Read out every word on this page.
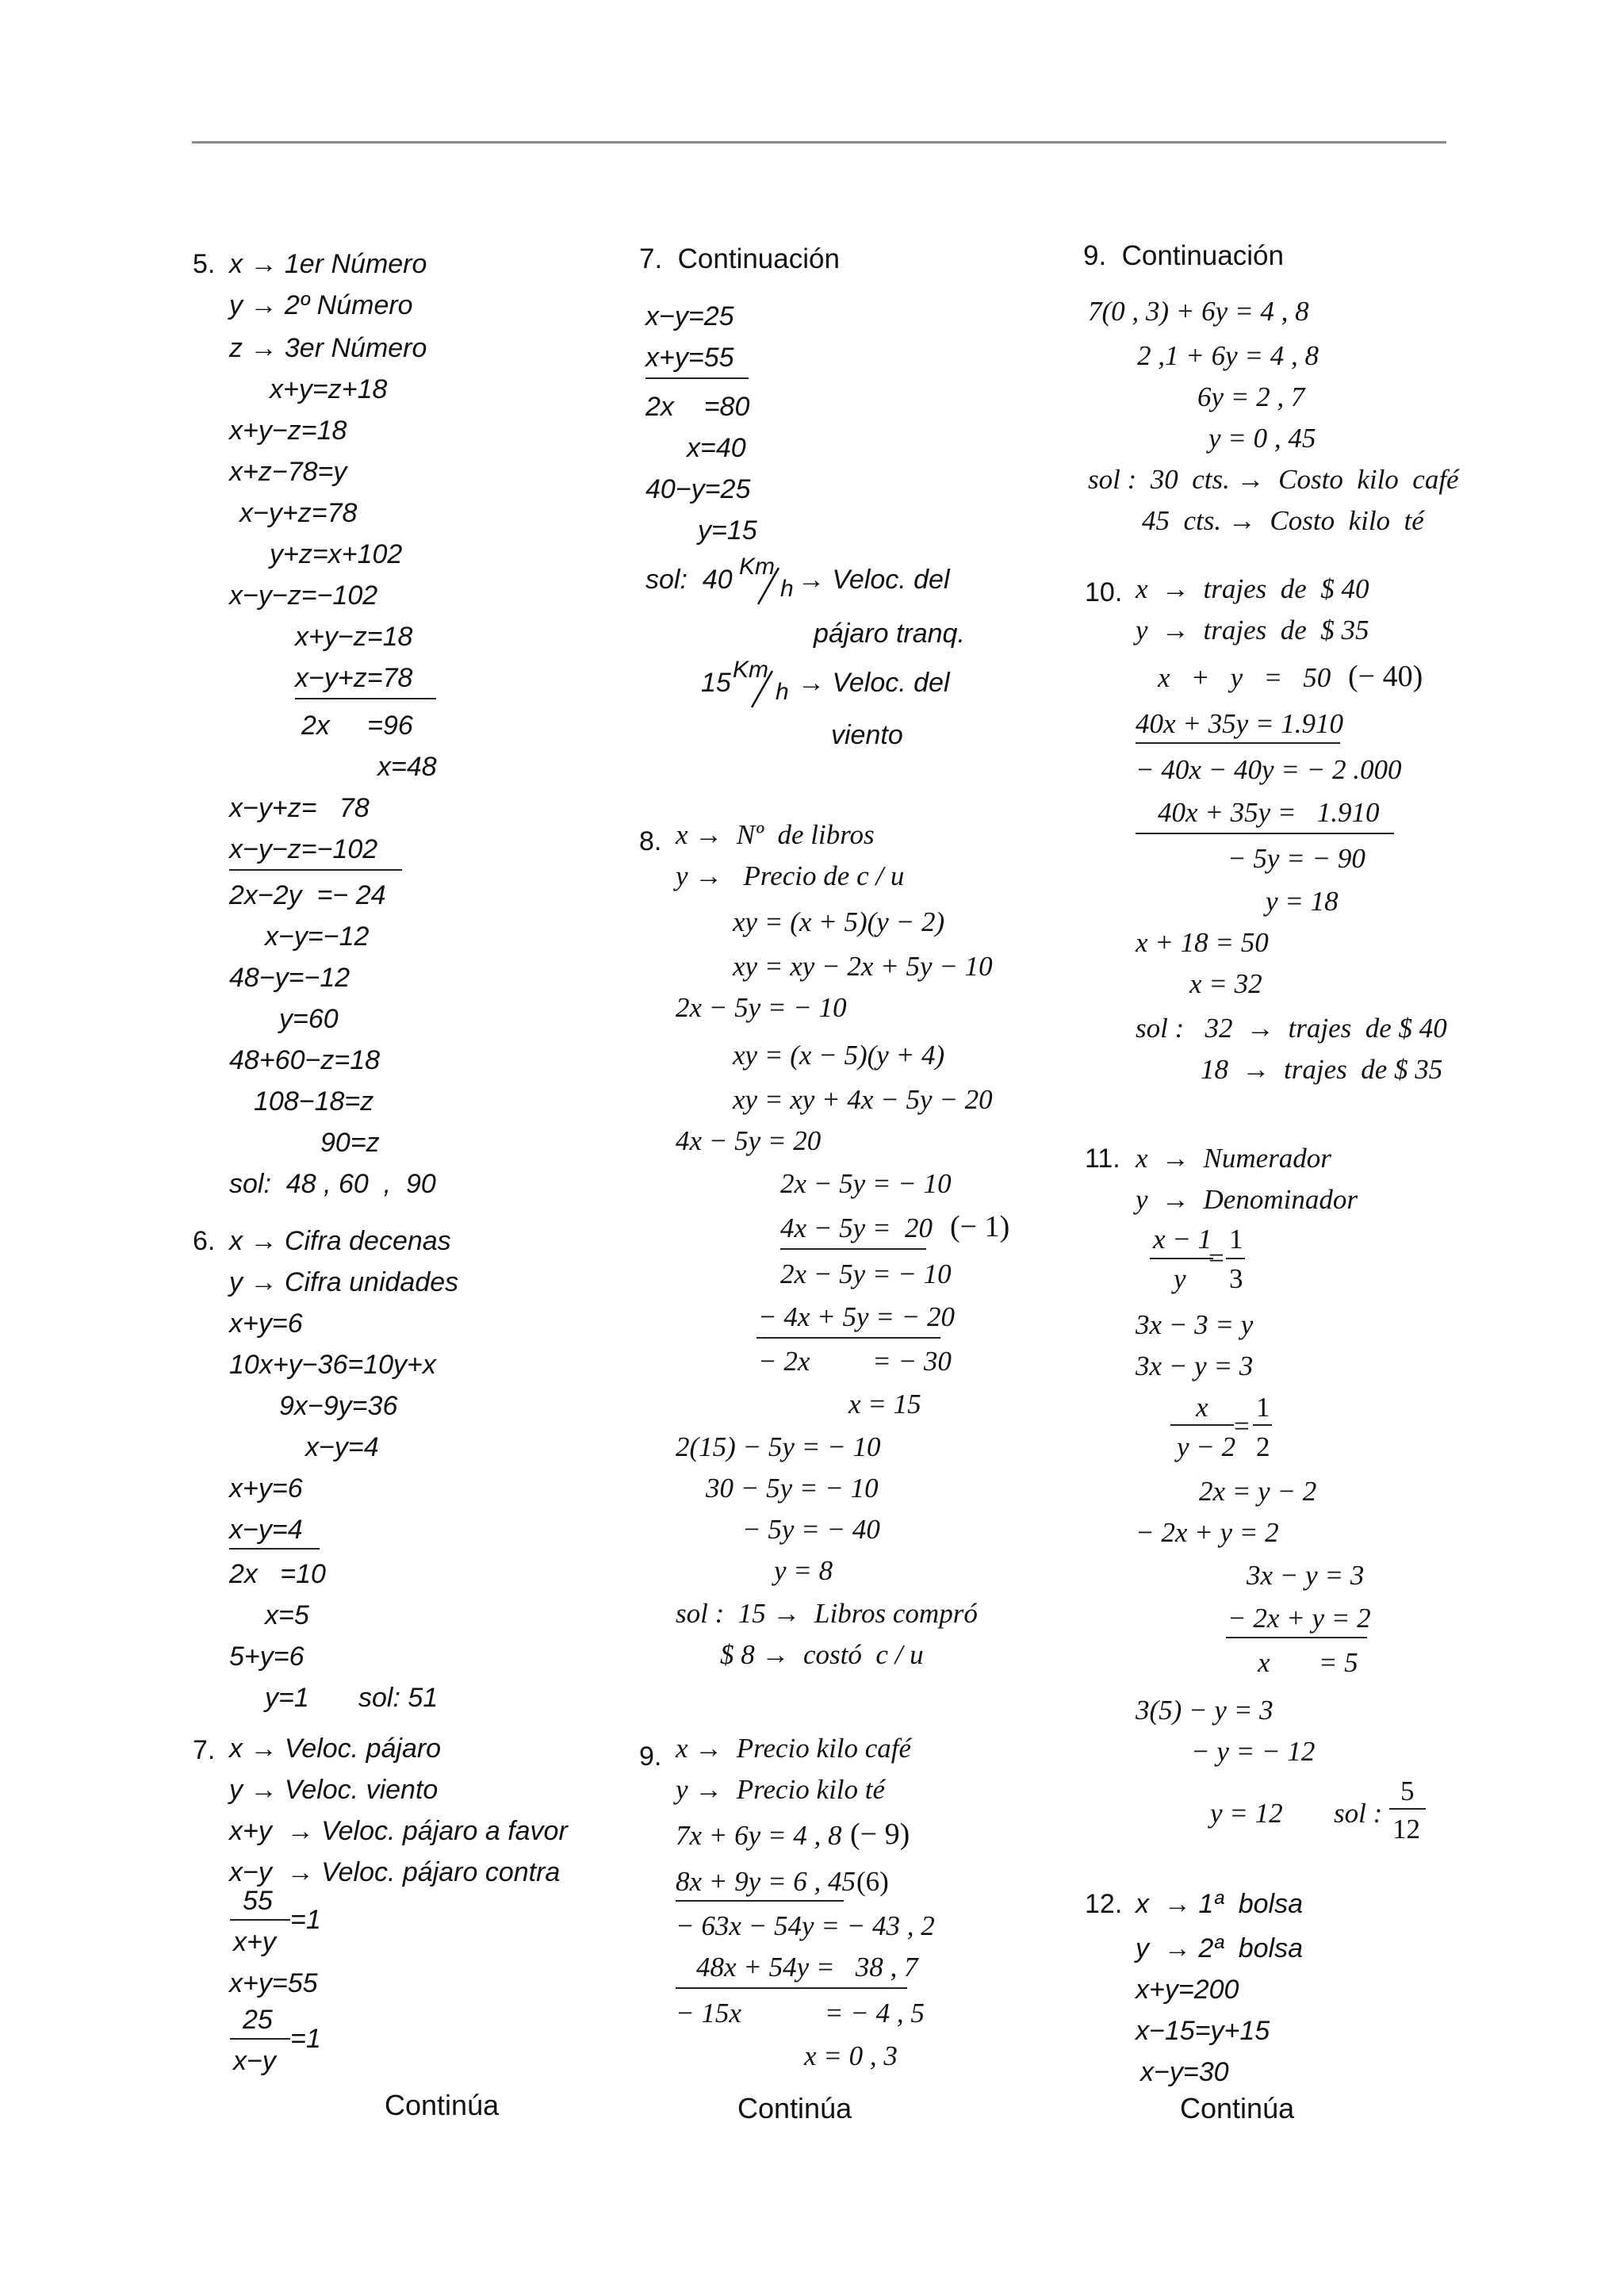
5. x → 1er Número
y → 2º Número
z → 3er Número
x+y=z+18
x+y−z=18
x+z−78=y
x−y+z=78
y+z=x+102
x−y−z=−102
x+y−z=18
x−y+z=78
2x     =96
x=48
x−y+z=   78
x−y−z=−102
2x−2y  =− 24
x−y=−12
48−y=−12
y=60
48+60−z=18
108−18=z
90=z
sol:  48 , 60  ,  90
6. x → Cifra decenas
y → Cifra unidades
x+y=6
10x+y−36=10y+x
9x−9y=36
x−y=4
x+y=6
x−y=4
2x   =10
x=5
5+y=6
y=1 sol: 51
7. x → Veloc. pájaro
y → Veloc. viento
x+y  → Veloc. pájaro a favor
x−y  → Veloc. pájaro contra
55
x+y
=1
x+y=55
25
x−y
=1
Continúa
7.  Continuación
x−y=25
x+y=55
2x    =80
x=40
40−y=25
y=15
sol:  40 Km
h → Veloc. del
pájaro tranq.
15 Km
h → Veloc. del
viento
8. x →  Nº  de libros
y →   Precio de c / u
xy = (x + 5)(y − 2)
xy = xy − 2x + 5y − 10
2x − 5y = − 10
xy = (x − 5)(y + 4)
xy = xy + 4x − 5y − 20
4x − 5y = 20
2x − 5y = − 10
4x − 5y =  20 (− 1)
2x − 5y = − 10
− 4x + 5y = − 20
− 2x         = − 30
x = 15
2(15) − 5y = − 10
30 − 5y = − 10
− 5y = − 40
y = 8
sol :  15 →  Libros compró
$ 8 →  costó  c / u
9. x →  Precio kilo café
y →  Precio kilo té
7x + 6y = 4 , 8 (− 9)
8x + 9y = 6 , 45 (6)
− 63x − 54y = − 43 , 2
48x + 54y =   38 , 7
− 15x            = − 4 , 5
x = 0 , 3
Continúa
9.  Continuación
7(0 , 3) + 6y = 4 , 8
2 ,1 + 6y = 4 , 8
6y = 2 , 7
y = 0 , 45
sol :  30  cts. →  Costo  kilo  café
45  cts. →  Costo  kilo  té
10. x  →  trajes  de  $ 40
y  →  trajes  de  $ 35
x   +   y   =   50 (− 40)
40x + 35y = 1.910
− 40x − 40y = − 2 .000
40x + 35y =   1.910
− 5y = − 90
y = 18
x + 18 = 50
x = 32
sol :   32  →  trajes  de $ 40
18  →  trajes  de $ 35
11. x  →  Numerador
y  →  Denominador
x − 1
y
=
1
3
3x − 3 = y
3x − y = 3
x
y − 2
=
1
2
2x = y − 2
− 2x + y = 2
3x − y = 3
− 2x + y = 2
x       = 5
3(5) − y = 3
− y = − 12
y = 12 sol :
5
12
12. x  → 1ª  bolsa
y  → 2ª  bolsa
x+y=200
x−15=y+15
x−y=30
Continúa
